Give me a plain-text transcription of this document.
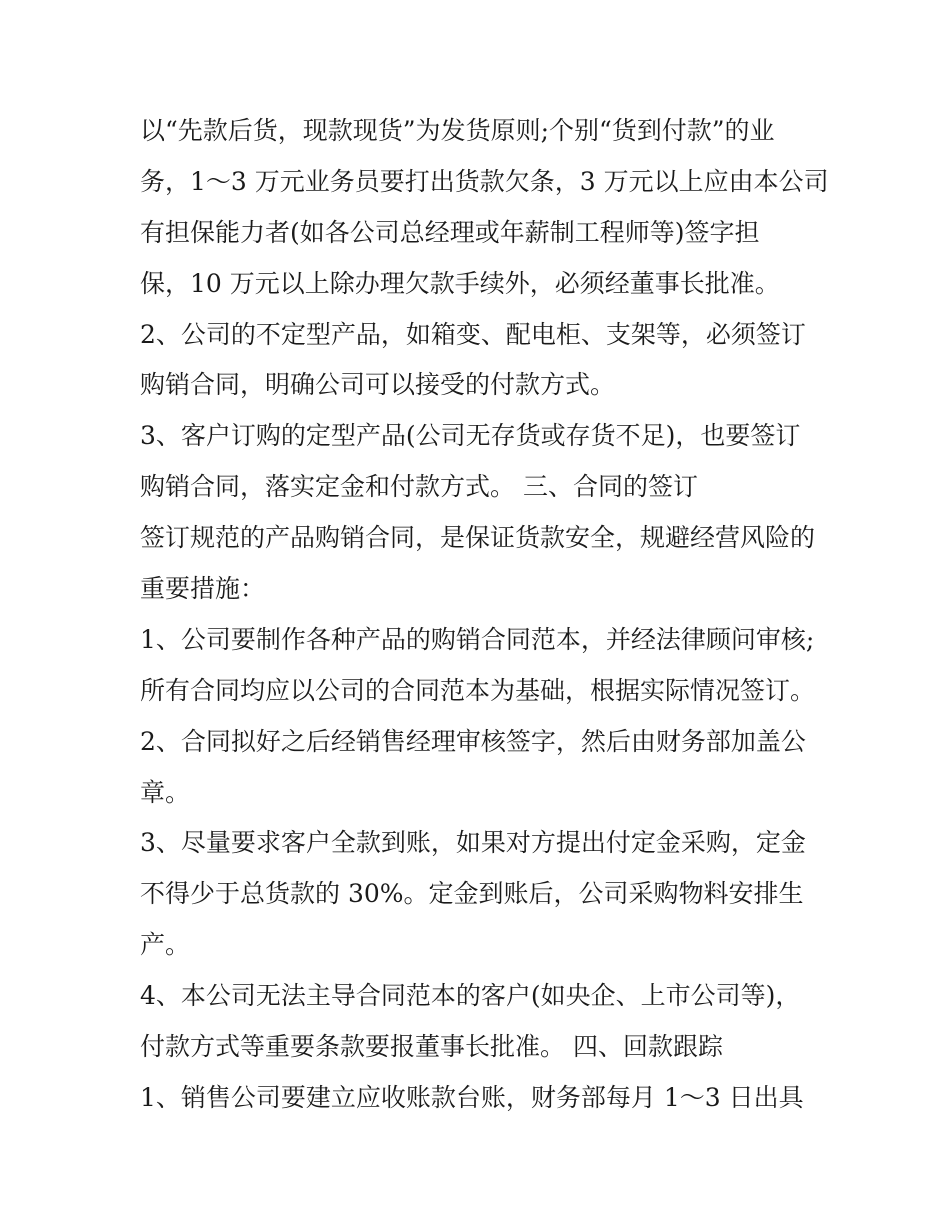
以“先款后货，现款现货”为发货原则;个别“货到付款”的业
务，1～3 万元业务员要打出货款欠条，3 万元以上应由本公司
有担保能力者(如各公司总经理或年薪制工程师等)签字担
保，10 万元以上除办理欠款手续外，必须经董事长批准。
2、公司的不定型产品，如箱变、配电柜、支架等，必须签订
购销合同，明确公司可以接受的付款方式。
3、客户订购的定型产品(公司无存货或存货不足)，也要签订
购销合同，落实定金和付款方式。 三、合同的签订
签订规范的产品购销合同，是保证货款安全，规避经营风险的
重要措施：
1、公司要制作各种产品的购销合同范本，并经法律顾问审核;
所有合同均应以公司的合同范本为基础，根据实际情况签订。
2、合同拟好之后经销售经理审核签字，然后由财务部加盖公
章。
3、尽量要求客户全款到账，如果对方提出付定金采购，定金
不得少于总货款的 30%。定金到账后，公司采购物料安排生
产。
4、本公司无法主导合同范本的客户(如央企、上市公司等)，
付款方式等重要条款要报董事长批准。 四、回款跟踪
1、销售公司要建立应收账款台账，财务部每月 1～3 日出具
